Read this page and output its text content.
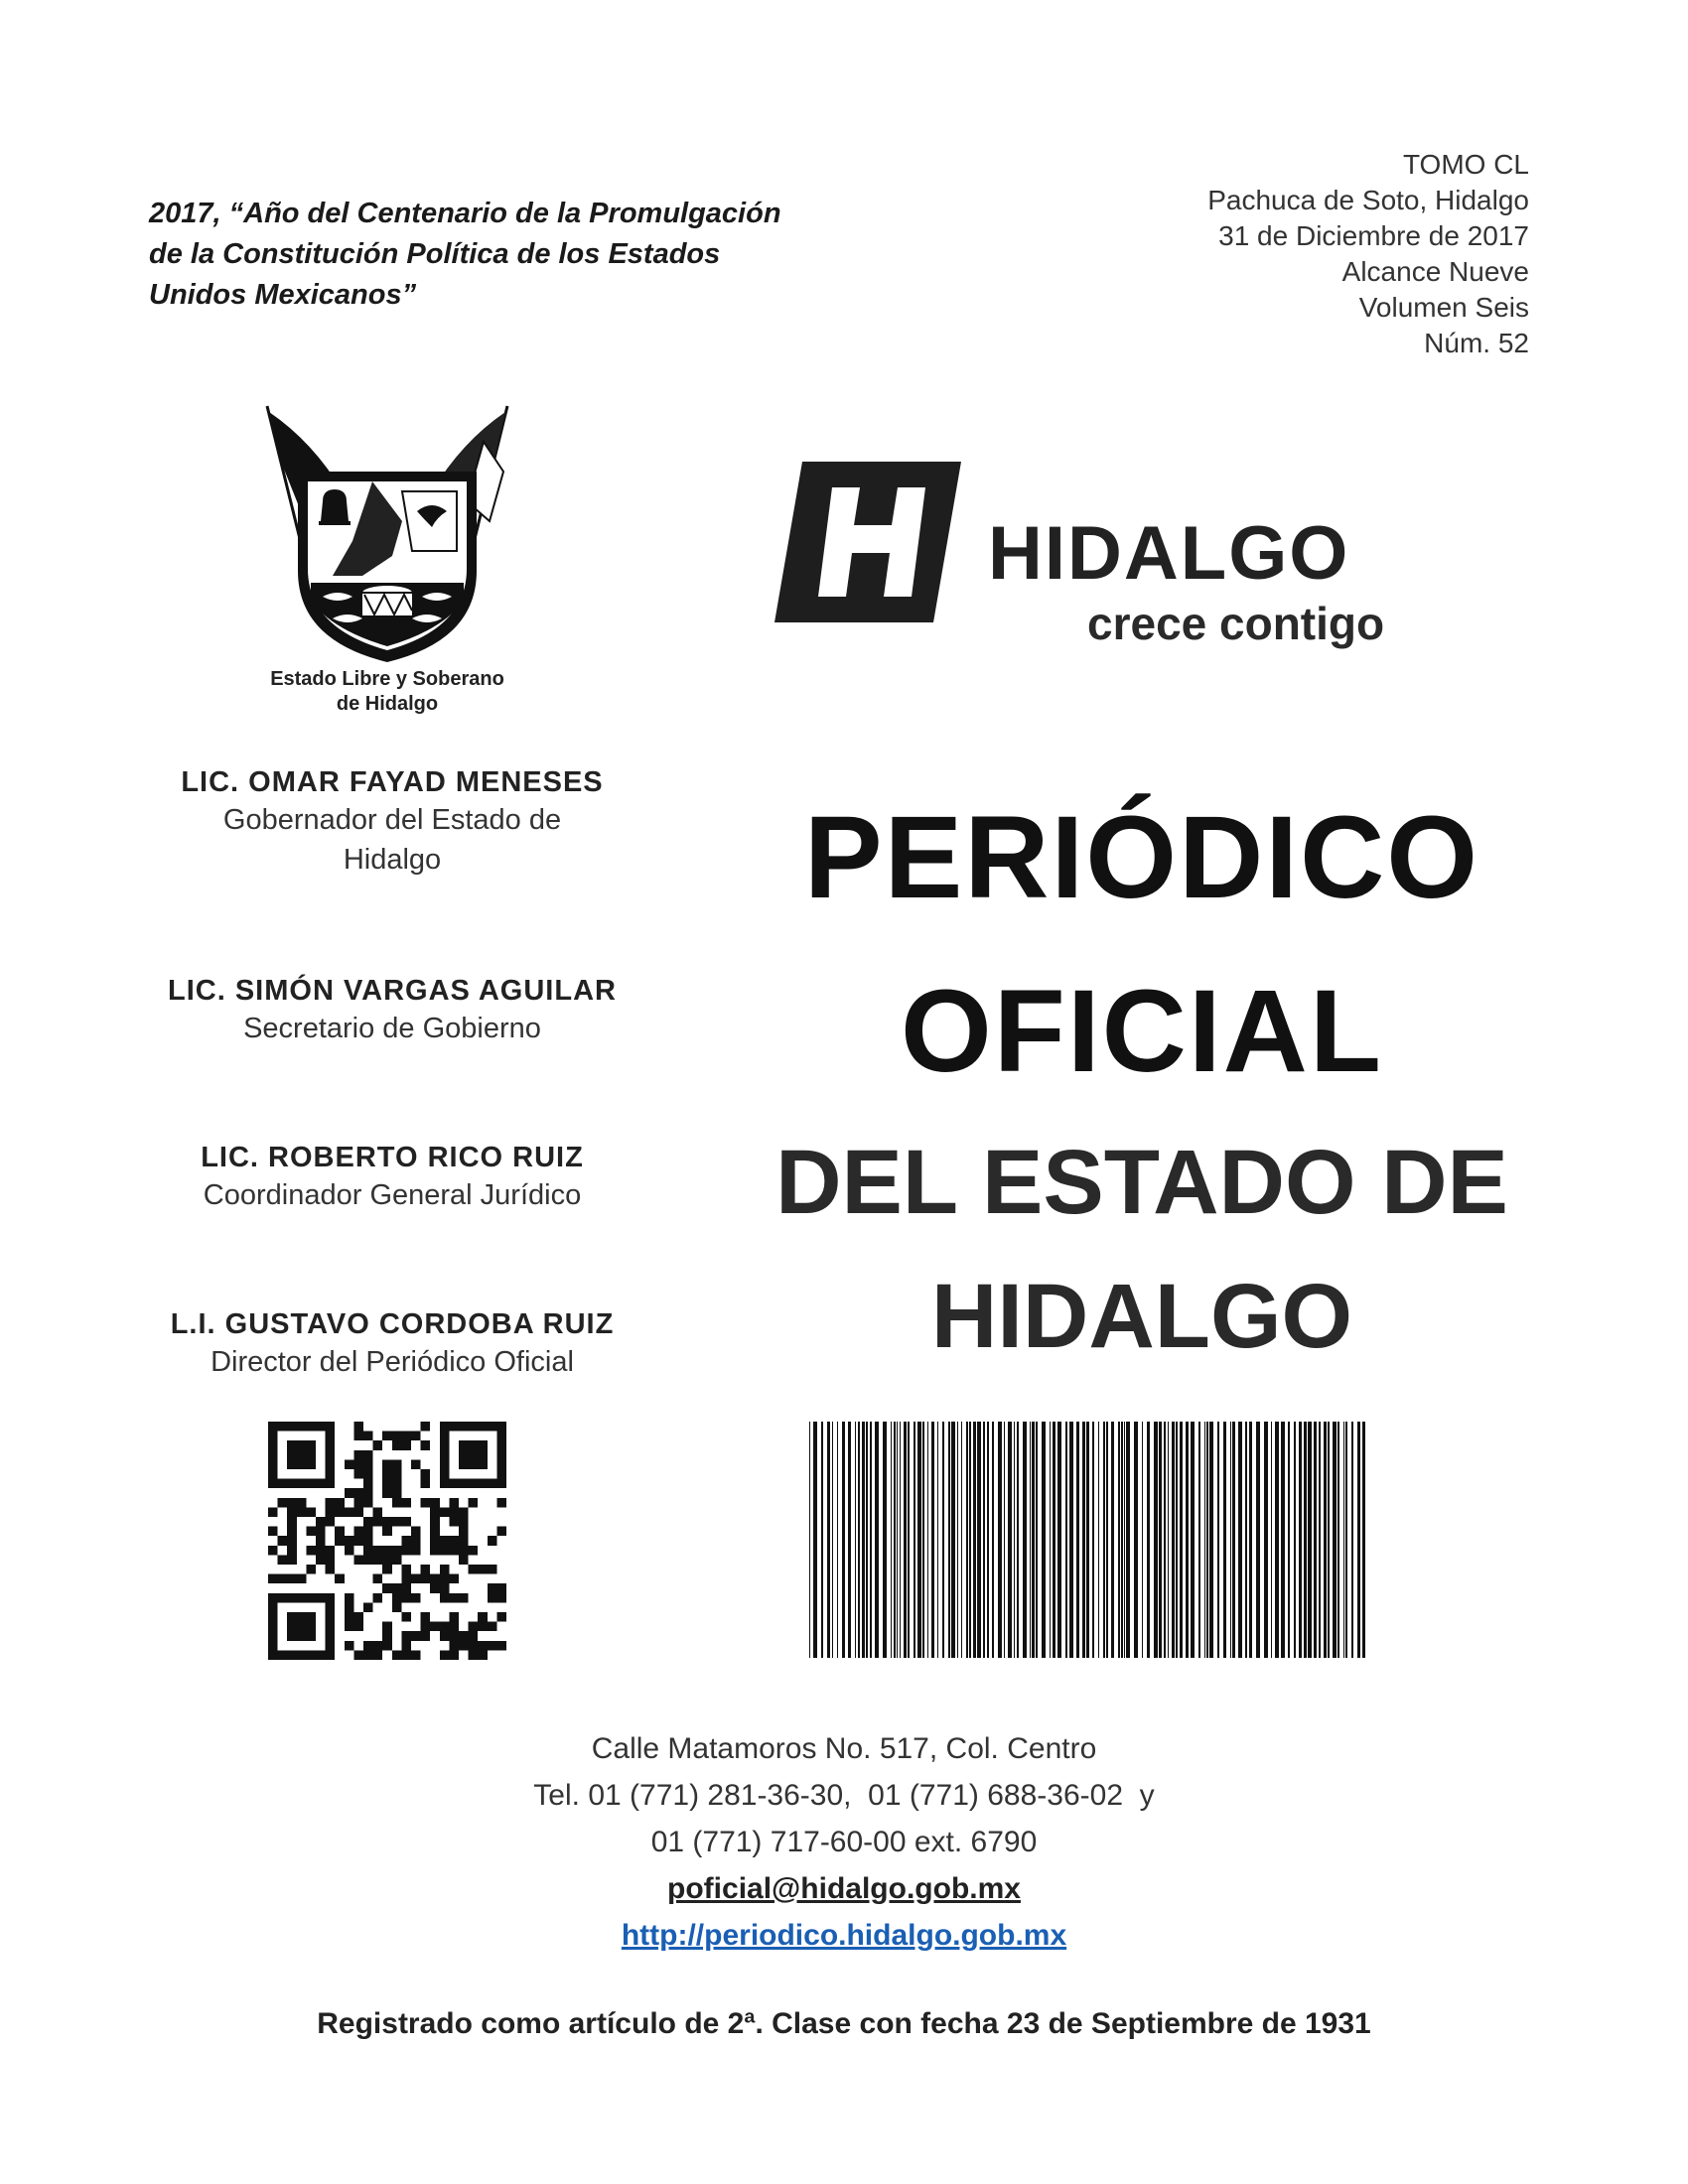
2017, “Año del Centenario de la Promulgación
de la Constitución Política de los Estados
Unidos Mexicanos”
TOMO CL
Pachuca de Soto, Hidalgo
31 de Diciembre de 2017
Alcance Nueve
Volumen Seis
Núm. 52
Estado Libre y Soberano
de Hidalgo
HIDALGO
crece contigo
LIC. OMAR FAYAD MENESES
Gobernador del Estado de
Hidalgo
LIC. SIMÓN VARGAS AGUILAR
Secretario de Gobierno
LIC. ROBERTO RICO RUIZ
Coordinador General Jurídico
L.I. GUSTAVO CORDOBA RUIZ
Director del Periódico Oficial
PERIÓDICO
OFICIAL
DEL ESTADO DE
HIDALGO
Calle Matamoros No. 517, Col. Centro
Tel. 01 (771) 281-36-30,  01 (771) 688-36-02  y
01 (771) 717-60-00 ext. 6790
poficial@hidalgo.gob.mx
http://periodico.hidalgo.gob.mx
Registrado como artículo de 2ª. Clase con fecha 23 de Septiembre de 1931
